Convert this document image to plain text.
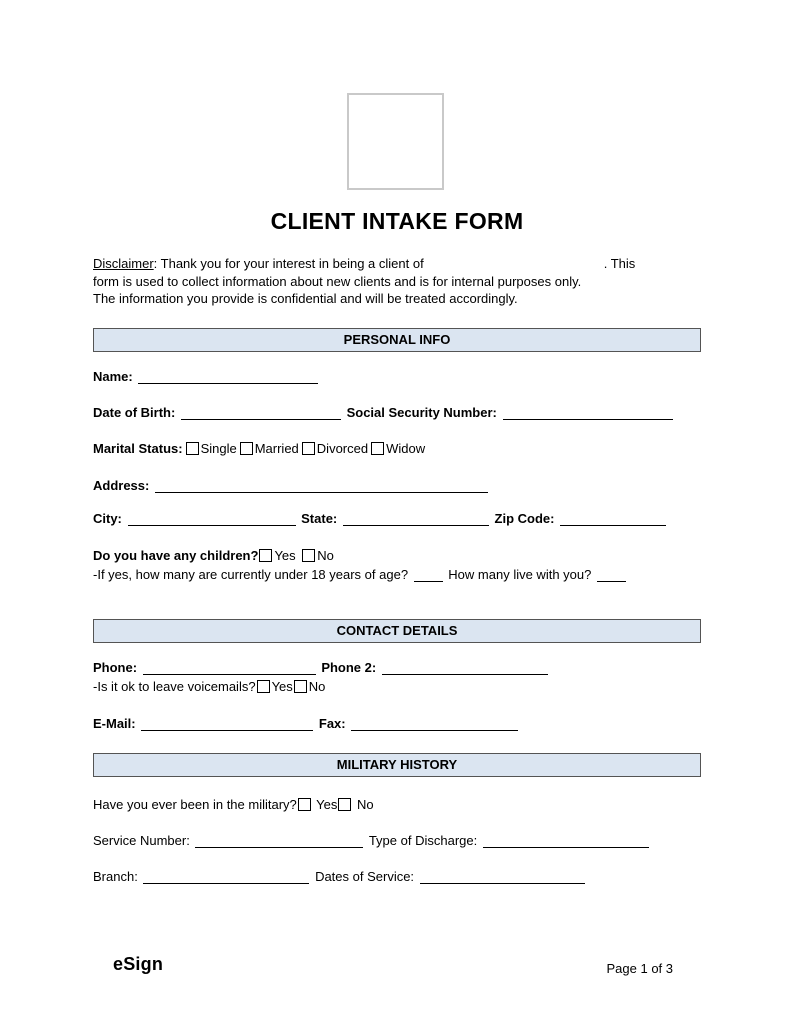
CLIENT INTAKE FORM
Disclaimer: Thank you for your interest in being a client of	. This
form is used to collect information about new clients and is for internal purposes only.
The information you provide is confidential and will be treated accordingly.
PERSONAL INFO
Name:
Date of Birth:	Social Security Number:
Marital Status: Single Married Divorced Widow
Address:
City:	State:	Zip Code:
Do you have any children? Yes No
-If yes, how many are currently under 18 years of age?	How many live with you?
CONTACT DETAILS
Phone:	Phone 2:
-Is it ok to leave voicemails? Yes No
E-Mail:	Fax:
MILITARY HISTORY
Have you ever been in the military? Yes No
Service Number:	Type of Discharge:
Branch:	Dates of Service:
eSign	Page 1 of 3
